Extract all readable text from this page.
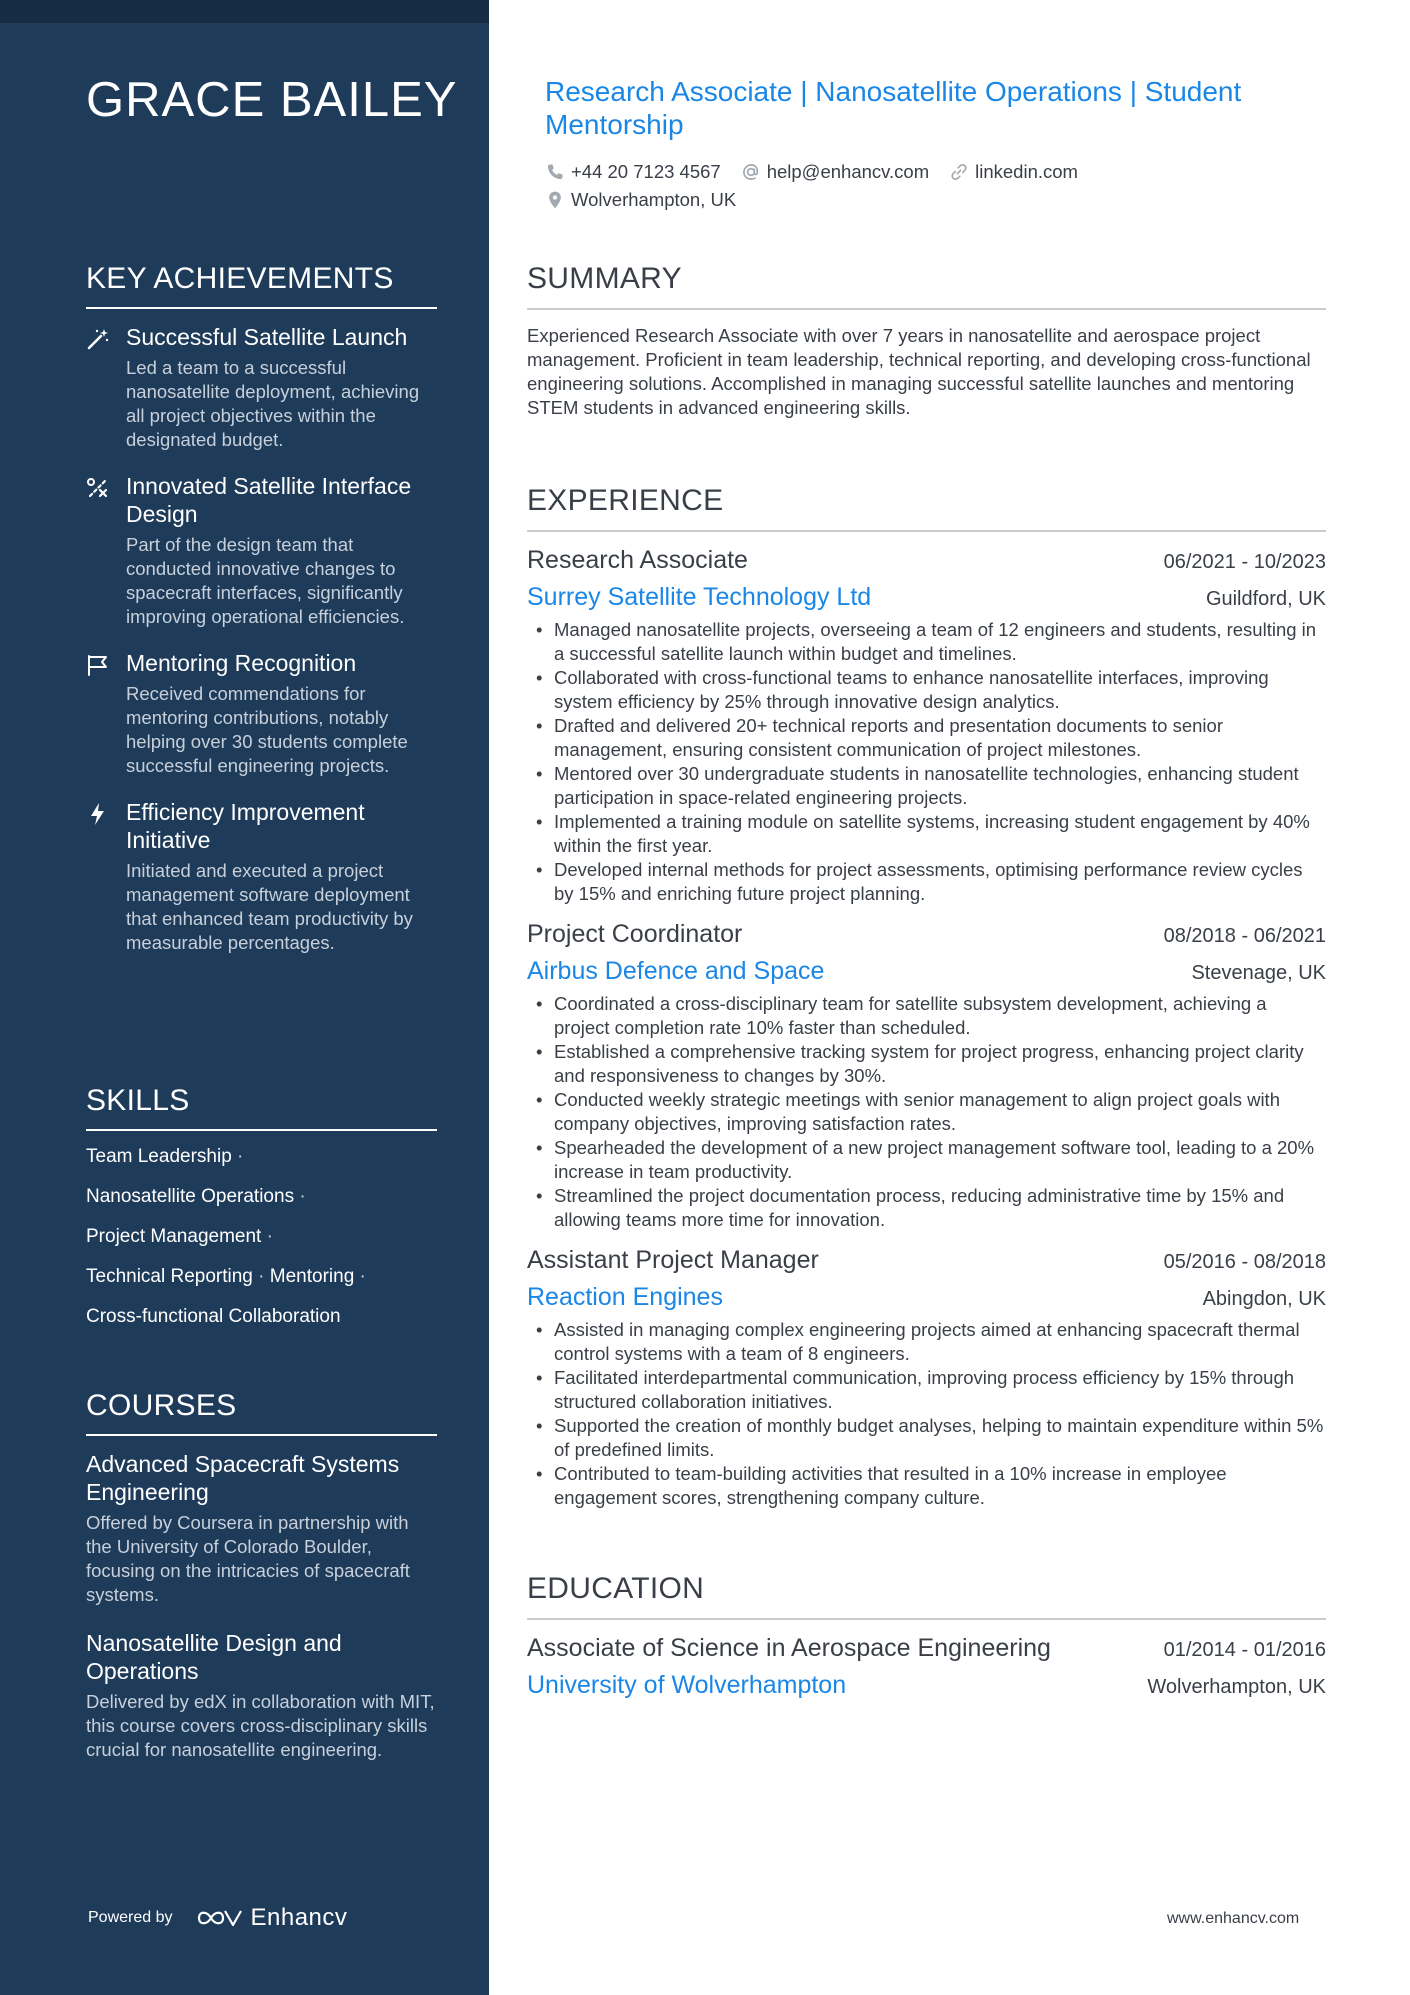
GRACE BAILEY
KEY ACHIEVEMENTS
Successful Satellite Launch
Led a team to a successful nanosatellite deployment, achieving all project objectives within the designated budget.
Innovated Satellite Interface Design
Part of the design team that conducted innovative changes to spacecraft interfaces, significantly improving operational efficiencies.
Mentoring Recognition
Received commendations for mentoring contributions, notably helping over 30 students complete successful engineering projects.
Efficiency Improvement Initiative
Initiated and executed a project management software deployment that enhanced team productivity by measurable percentages.
SKILLS
Team Leadership ·
Nanosatellite Operations ·
Project Management ·
Technical Reporting · Mentoring ·
Cross-functional Collaboration
COURSES
Advanced Spacecraft Systems Engineering
Offered by Coursera in partnership with the University of Colorado Boulder, focusing on the intricacies of spacecraft systems.
Nanosatellite Design and Operations
Delivered by edX in collaboration with MIT, this course covers cross-disciplinary skills crucial for nanosatellite engineering.
Powered by	Enhancv
Research Associate | Nanosatellite Operations | Student Mentorship
+44 20 7123 4567 help@enhancv.com linkedin.com
Wolverhampton, UK
SUMMARY
Experienced Research Associate with over 7 years in nanosatellite and aerospace project management. Proficient in team leadership, technical reporting, and developing cross-functional engineering solutions. Accomplished in managing successful satellite launches and mentoring STEM students in advanced engineering skills.
EXPERIENCE
Research Associate	06/2021 - 10/2023
Surrey Satellite Technology Ltd	Guildford, UK
• Managed nanosatellite projects, overseeing a team of 12 engineers and students, resulting in a successful satellite launch within budget and timelines.
• Collaborated with cross-functional teams to enhance nanosatellite interfaces, improving system efficiency by 25% through innovative design analytics.
• Drafted and delivered 20+ technical reports and presentation documents to senior management, ensuring consistent communication of project milestones.
• Mentored over 30 undergraduate students in nanosatellite technologies, enhancing student participation in space-related engineering projects.
• Implemented a training module on satellite systems, increasing student engagement by 40% within the first year.
• Developed internal methods for project assessments, optimising performance review cycles by 15% and enriching future project planning.
Project Coordinator	08/2018 - 06/2021
Airbus Defence and Space	Stevenage, UK
• Coordinated a cross-disciplinary team for satellite subsystem development, achieving a project completion rate 10% faster than scheduled.
• Established a comprehensive tracking system for project progress, enhancing project clarity and responsiveness to changes by 30%.
• Conducted weekly strategic meetings with senior management to align project goals with company objectives, improving satisfaction rates.
• Spearheaded the development of a new project management software tool, leading to a 20% increase in team productivity.
• Streamlined the project documentation process, reducing administrative time by 15% and allowing teams more time for innovation.
Assistant Project Manager	05/2016 - 08/2018
Reaction Engines	Abingdon, UK
• Assisted in managing complex engineering projects aimed at enhancing spacecraft thermal control systems with a team of 8 engineers.
• Facilitated interdepartmental communication, improving process efficiency by 15% through structured collaboration initiatives.
• Supported the creation of monthly budget analyses, helping to maintain expenditure within 5% of predefined limits.
• Contributed to team-building activities that resulted in a 10% increase in employee engagement scores, strengthening company culture.
EDUCATION
Associate of Science in Aerospace Engineering	01/2014 - 01/2016
University of Wolverhampton	Wolverhampton, UK
www.enhancv.com
